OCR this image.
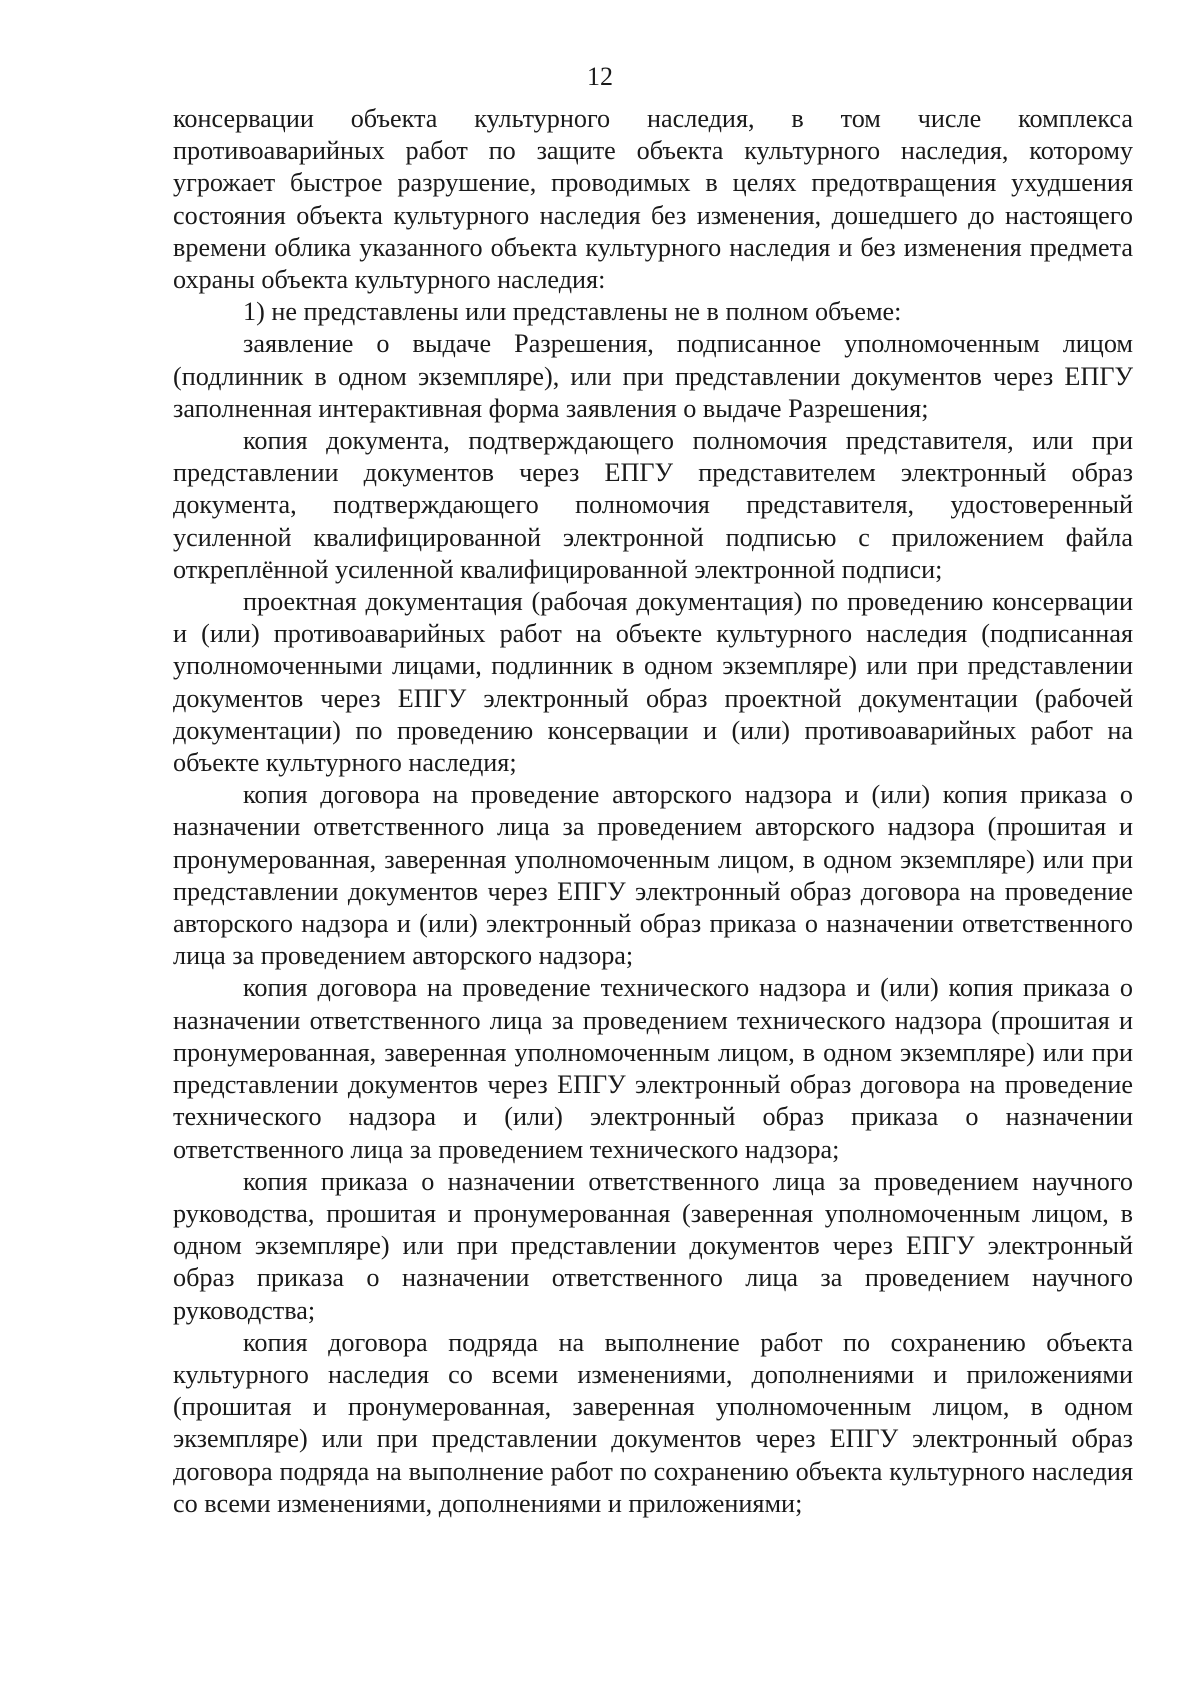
12

консервации объекта культурного наследия, в том числе комплекса противоаварийных работ по защите объекта культурного наследия, которому угрожает быстрое разрушение, проводимых в целях предотвращения ухудшения состояния объекта культурного наследия без изменения, дошедшего до настоящего времени облика указанного объекта культурного наследия и без изменения предмета охраны объекта культурного наследия:

1) не представлены или представлены не в полном объеме:

заявление о выдаче Разрешения, подписанное уполномоченным лицом (подлинник в одном экземпляре), или при представлении документов через ЕПГУ заполненная интерактивная форма заявления о выдаче Разрешения;

копия документа, подтверждающего полномочия представителя, или при представлении документов через ЕПГУ представителем электронный образ документа, подтверждающего полномочия представителя, удостоверенный усиленной квалифицированной электронной подписью с приложением файла откреплённой усиленной квалифицированной электронной подписи;

проектная документация (рабочая документация) по проведению консервации и (или) противоаварийных работ на объекте культурного наследия (подписанная уполномоченными лицами, подлинник в одном экземпляре) или при представлении документов через ЕПГУ электронный образ проектной документации (рабочей документации) по проведению консервации и (или) противоаварийных работ на объекте культурного наследия;

копия договора на проведение авторского надзора и (или) копия приказа о назначении ответственного лица за проведением авторского надзора (прошитая и пронумерованная, заверенная уполномоченным лицом, в одном экземпляре) или при представлении документов через ЕПГУ электронный образ договора на проведение авторского надзора и (или) электронный образ приказа о назначении ответственного лица за проведением авторского надзора;

копия договора на проведение технического надзора и (или) копия приказа о назначении ответственного лица за проведением технического надзора (прошитая и пронумерованная, заверенная уполномоченным лицом, в одном экземпляре) или при представлении документов через ЕПГУ электронный образ договора на проведение технического надзора и (или) электронный образ приказа о назначении ответственного лица за проведением технического надзора;

копия приказа о назначении ответственного лица за проведением научного руководства, прошитая и пронумерованная (заверенная уполномоченным лицом, в одном экземпляре) или при представлении документов через ЕПГУ электронный образ приказа о назначении ответственного лица за проведением научного руководства;

копия договора подряда на выполнение работ по сохранению объекта культурного наследия со всеми изменениями, дополнениями и приложениями (прошитая и пронумерованная, заверенная уполномоченным лицом, в одном экземпляре) или при представлении документов через ЕПГУ электронный образ договора подряда на выполнение работ по сохранению объекта культурного наследия со всеми изменениями, дополнениями и приложениями;
